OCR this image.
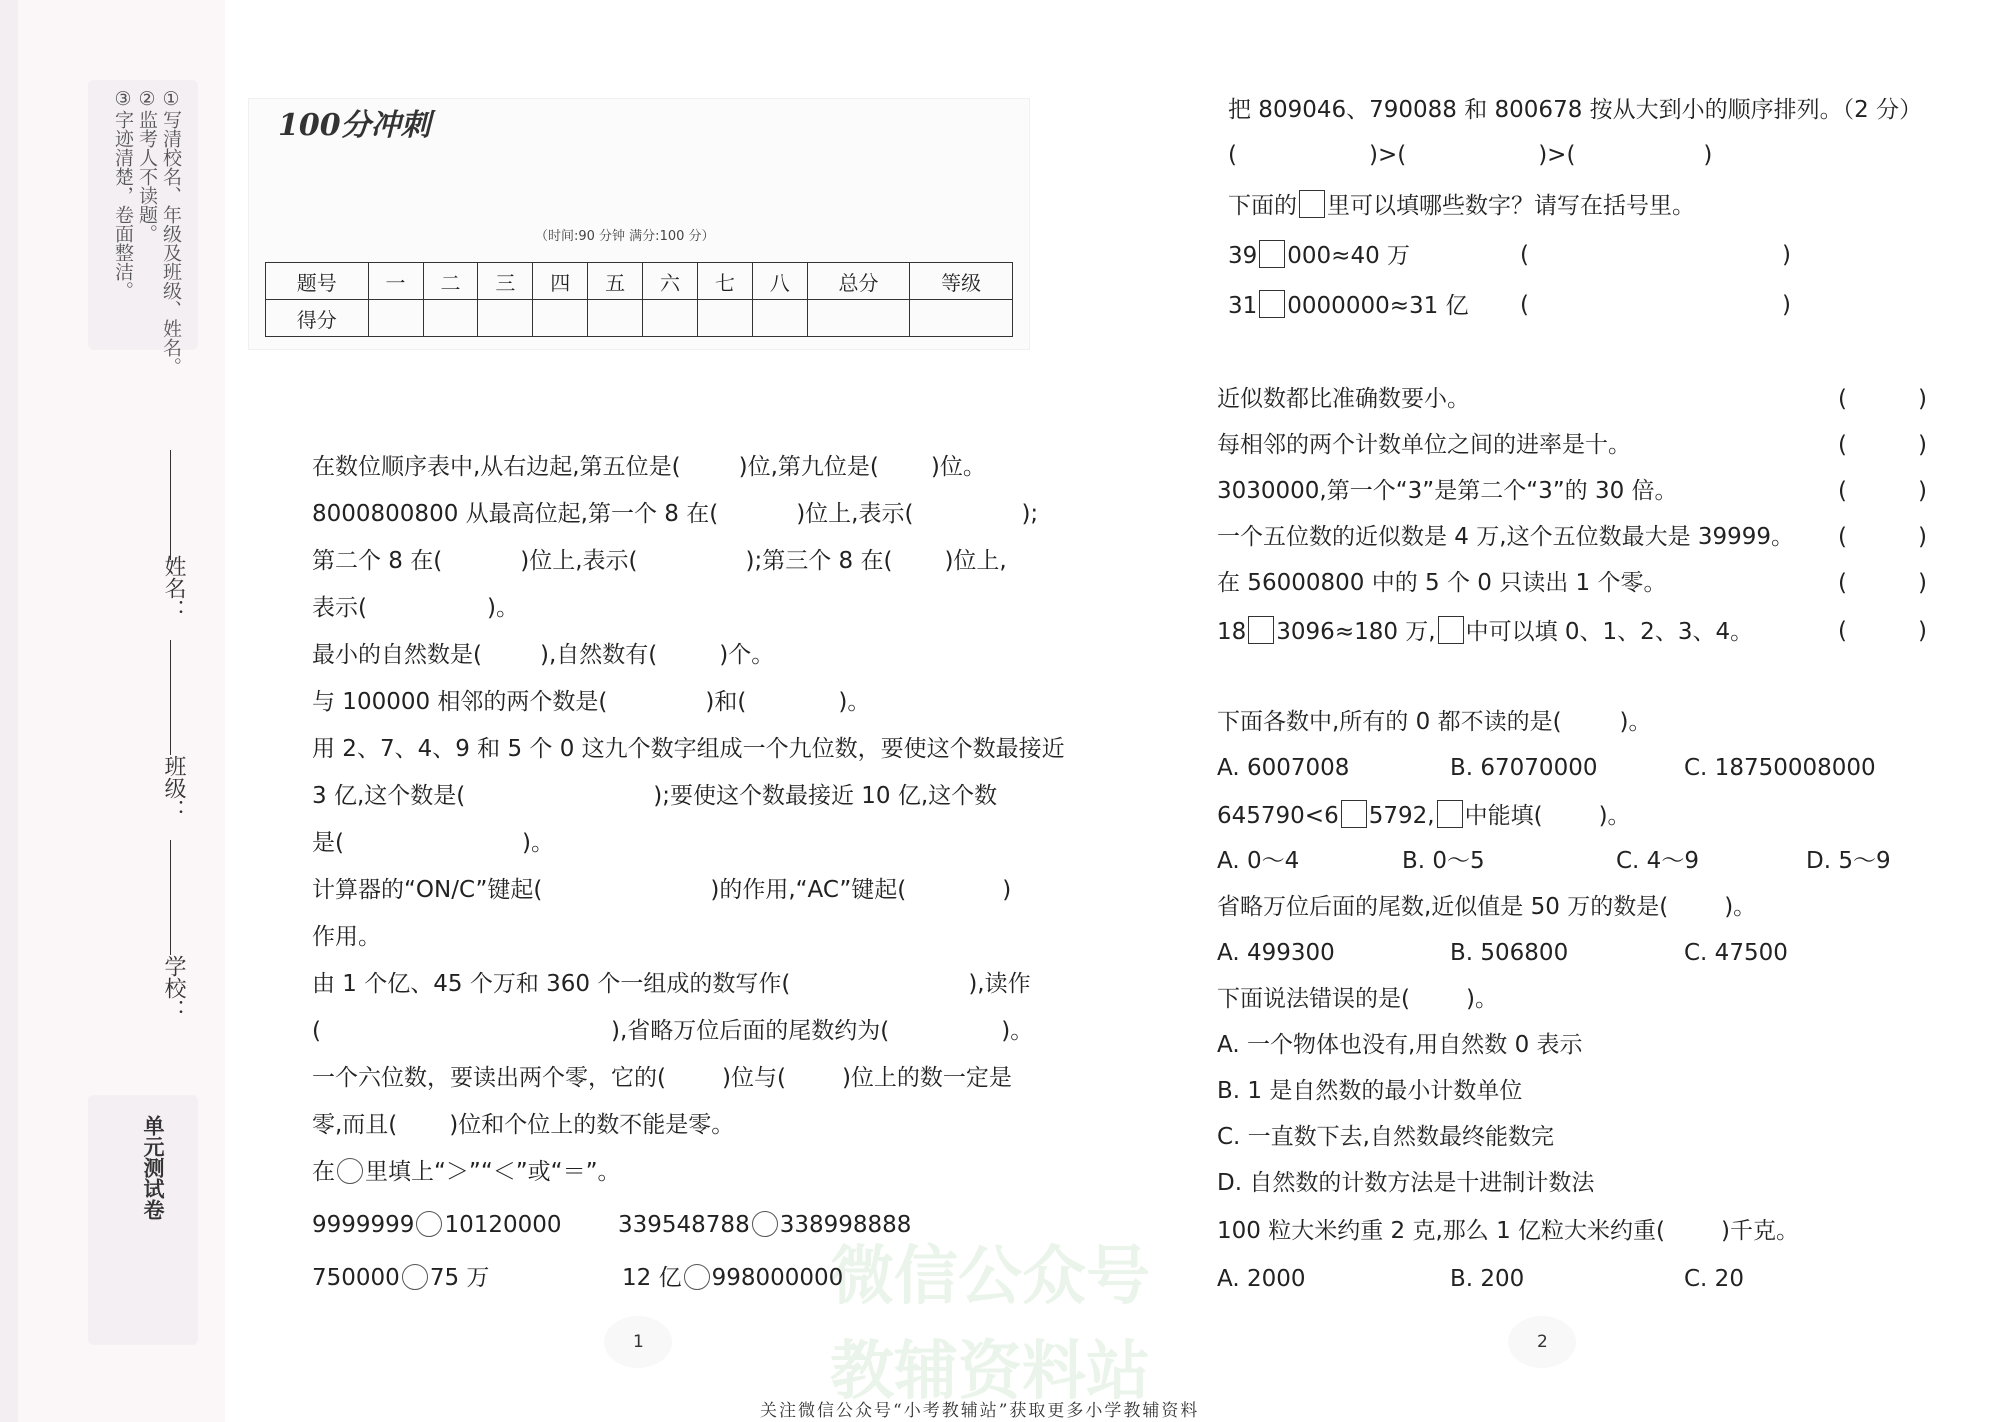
①写清校名、年级及班级、姓名。
②监考人不读题。
③字迹清楚，卷面整洁。
姓名：
班级：
学校：
单元测试卷
100分冲刺
（时间:90 分钟 满分:100 分）
题号	一	二	三	四	五	六	七	八	总分	等级
得分										
微信公众号
教辅资料站
在数位顺序表中,从右边起,第五位是(	)位,第九位是( )位。
8000800800 从最高位起,第一个 8 在(	)位上,表示(	);
第二个 8 在(	)位上,表示(	);第三个 8 在( )位上,
表示(	)。
最小的自然数是(	),自然数有(	)个。
与 100000 相邻的两个数是(	)和(	)。
用 2、7、4、9 和 5 个 0 这九个数字组成一个九位数，要使这个数最接近
3 亿,这个数是(	);要使这个数最接近 10 亿,这个数
是(	)。
计算器的“ON/C”键起(	)的作用,“AC”键起(	)
作用。
由 1 个亿、45 个万和 360 个一组成的数写作(	),读作
(	),省略万位后面的尾数约为(	)。
一个六位数，要读出两个零，它的( )位与( )位上的数一定是
零,而且( )位和个位上的数不能是零。
在 里填上“＞”“＜”或“＝”。
9999999 10120000 339548788 338998888
750000 75 万	12 亿 998000000
1
把 809046、790088 和 800678 按从大到小的顺序排列。（2 分）
(	)>(	)>(	)
下面的 里可以填哪些数字？请写在括号里。
39 000≈40 万	(	)
31 0000000≈31 亿 (	)
近似数都比准确数要小。	(	)
每相邻的两个计数单位之间的进率是十。	(	)
3030000,第一个“3”是第二个“3”的 30 倍。	(	)
一个五位数的近似数是 4 万,这个五位数最大是 39999。 (	)
在 56000800 中的 5 个 0 只读出 1 个零。	(	)
18 3096≈180 万, 中可以填 0、1、2、3、4。	(	)
下面各数中,所有的 0 都不读的是(	)。
A. 6007008	B. 67070000	C. 18750008000
645790<6 5792, 中能填( )。
A. 0～4	B. 0～5	C. 4～9	D. 5～9
省略万位后面的尾数,近似值是 50 万的数是( )。
A. 499300	B. 506800	C. 47500
下面说法错误的是( )。
A. 一个物体也没有,用自然数 0 表示
B. 1 是自然数的最小计数单位
C. 一直数下去,自然数最终能数完
D. 自然数的计数方法是十进制计数法
100 粒大米约重 2 克,那么 1 亿粒大米约重( )千克。
A. 2000	B. 200	C. 20
2
关注微信公众号“小考教辅站”获取更多小学教辅资料
